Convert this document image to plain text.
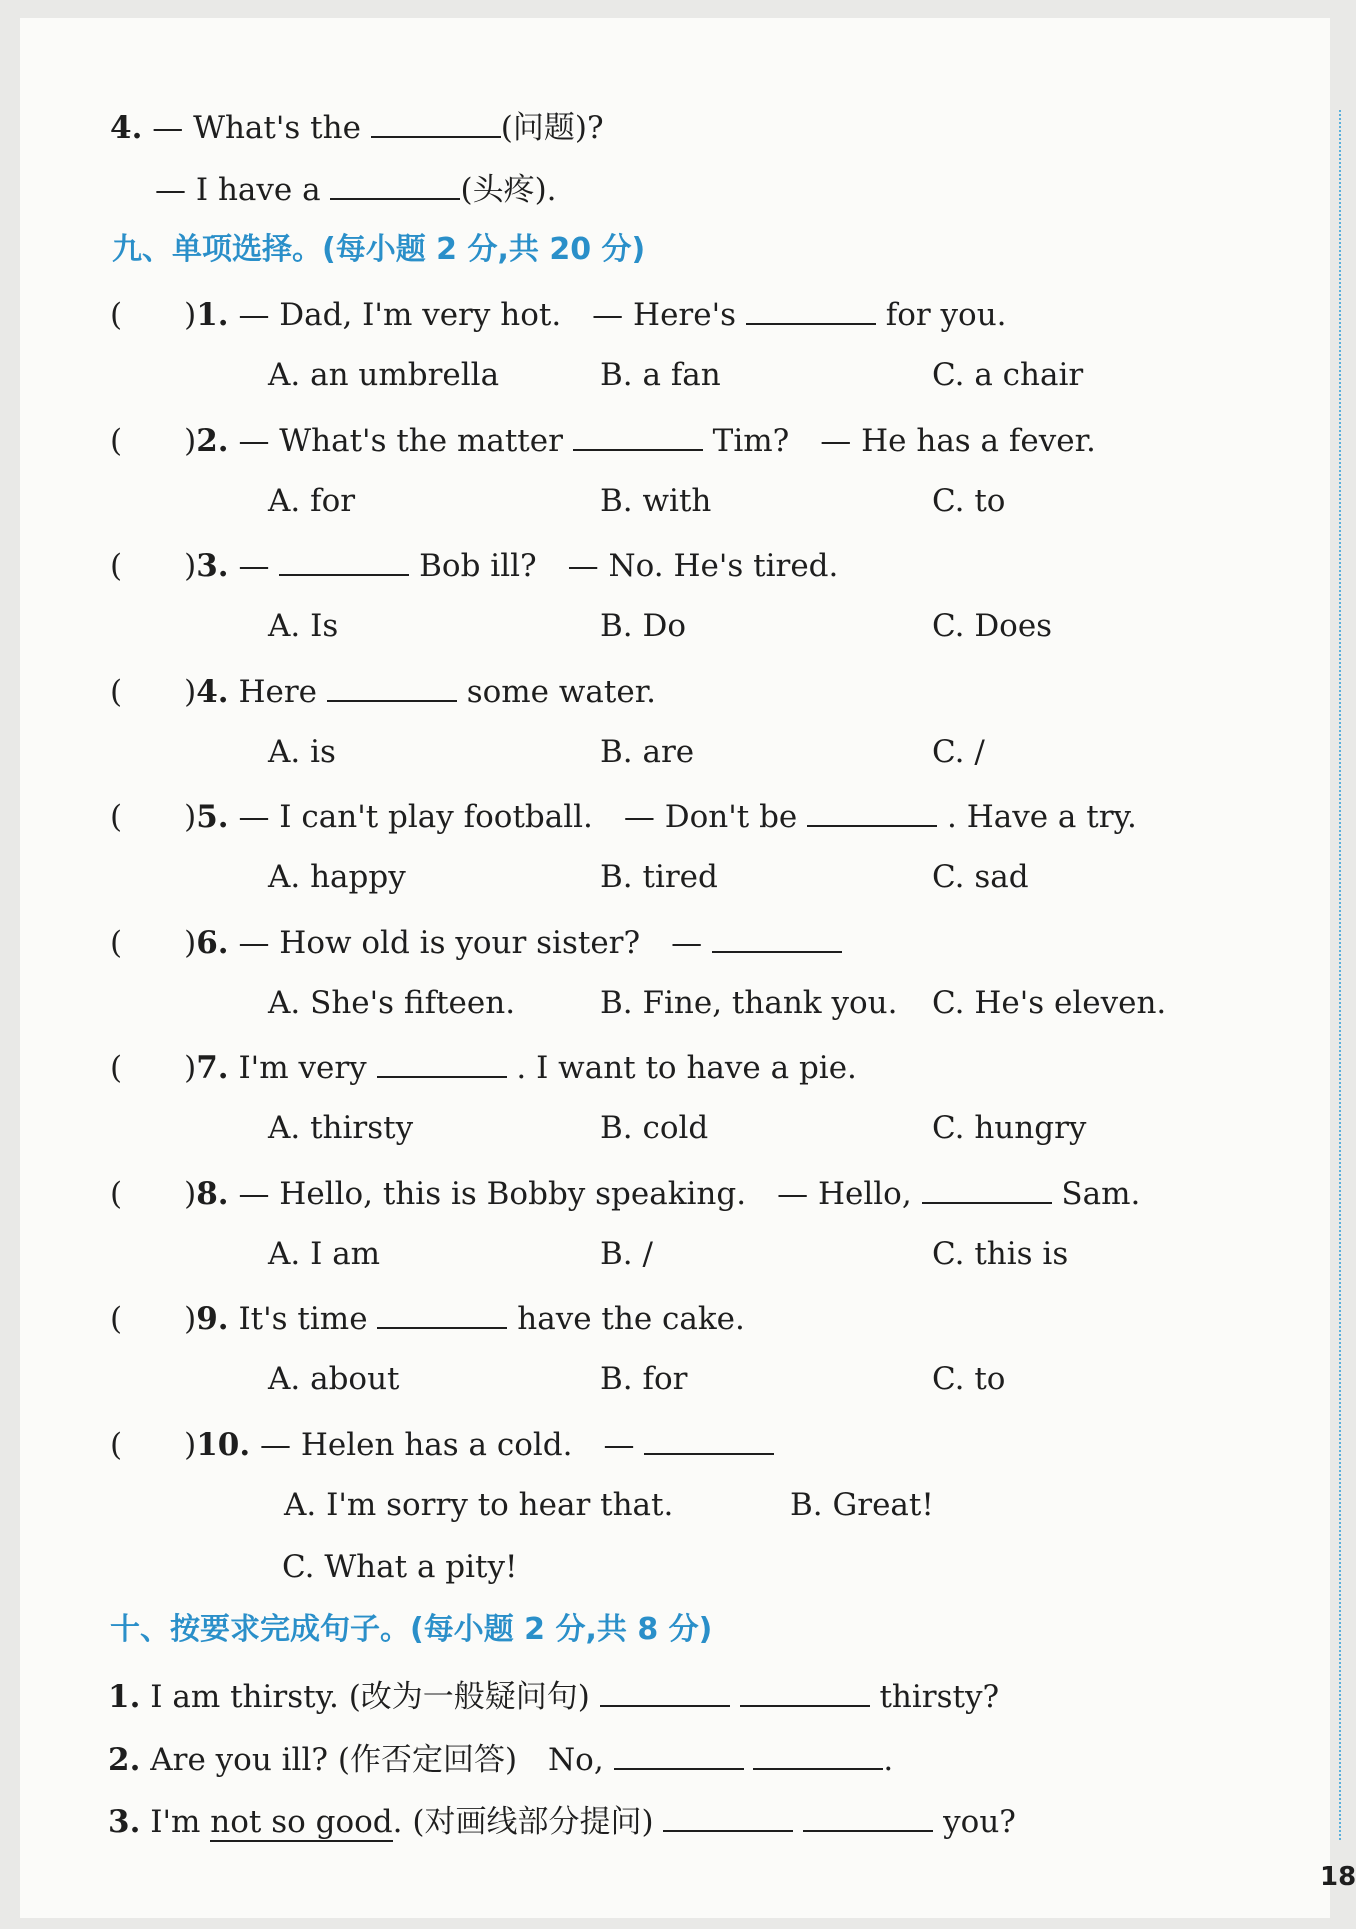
4. — What's the	(问题)?
— I have a	(头疼).
九、单项选择。(每小题 2 分,共 20 分)
(　　)1. — Dad, I'm very hot.　— Here's	for you.
A. an umbrella	B. a fan	C. a chair
(　　)2. — What's the matter	Tim?　— He has a fever.
A. for	B. with	C. to
(　　)3. —	Bob ill?　— No. He's tired.
A. Is	B. Do	C. Does
(　　)4. Here	some water.
A. is	B. are	C. /
(　　)5. — I can't play football.　— Don't be	. Have a try.
A. happy	B. tired	C. sad
(　　)6. — How old is your sister?　—
A. She's fifteen.	B. Fine, thank you. C. He's eleven.
(　　)7. I'm very	. I want to have a pie.
A. thirsty	B. cold	C. hungry
(　　)8. — Hello, this is Bobby speaking.　— Hello,	Sam.
A. I am	B. /	C. this is
(　　)9. It's time	have the cake.
A. about	B. for	C. to
(　　)10. — Helen has a cold.　—
A. I'm sorry to hear that.	B. Great!
C. What a pity!
十、按要求完成句子。(每小题 2 分,共 8 分)
1. I am thirsty. (改为一般疑问句)	thirsty?
2. Are you ill? (作否定回答)　No,	.
3. I'm not so good. (对画线部分提问)	you?
18
